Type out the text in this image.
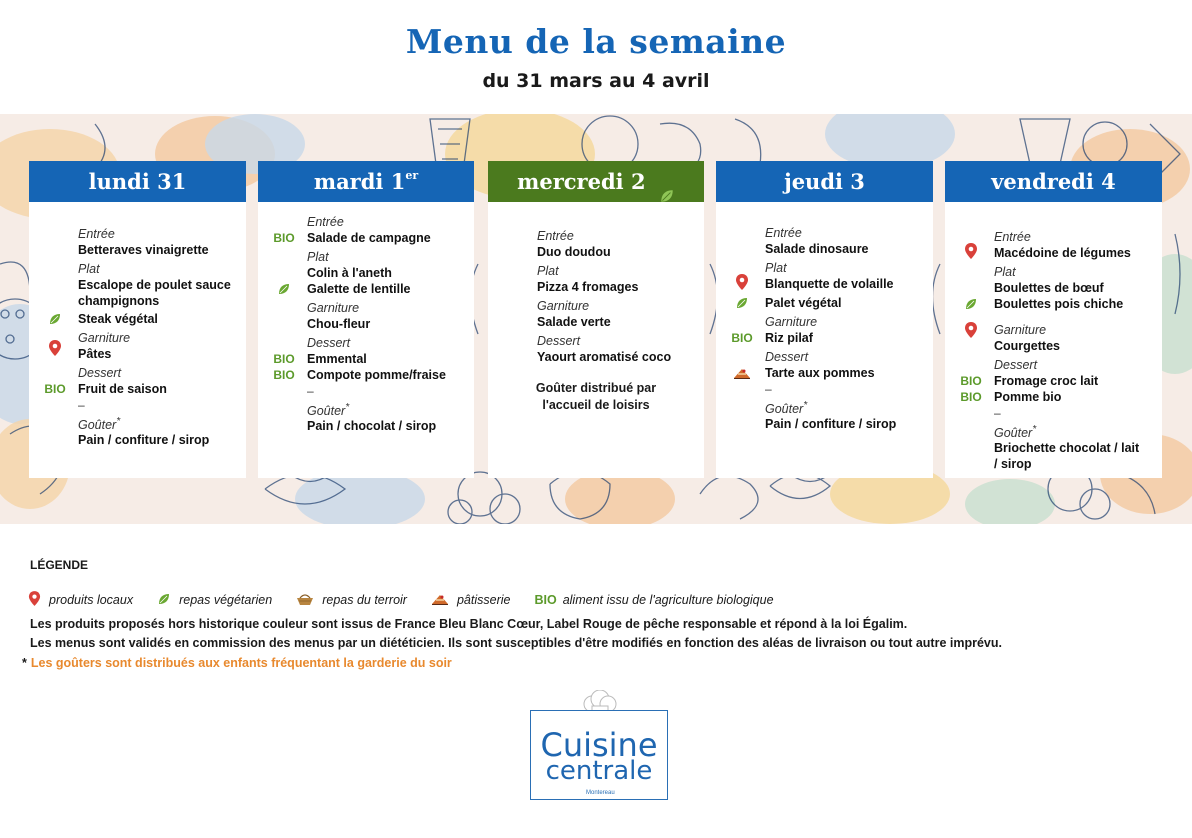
Menu de la semaine
du 31 mars au 4 avril
lundi 31
Entrée
Betteraves vinaigrette
Plat
Escalope de poulet sauce
champignons
Steak végétal
Garniture
Pâtes
Dessert
BIO Fruit de saison
–
Goûter*
Pain / confiture / sirop
mardi 1er
Entrée
BIO Salade de campagne
Plat
Colin à l'aneth
Galette de lentille
Garniture
Chou-fleur
Dessert
BIO Emmental
BIO Compote pomme/fraise
–
Goûter*
Pain / chocolat / sirop
mercredi 2
Entrée
Duo doudou
Plat
Pizza 4 fromages
Garniture
Salade verte
Dessert
Yaourt aromatisé coco
Goûter distribué par
l'accueil de loisirs
jeudi 3
Entrée
Salade dinosaure
Plat
Blanquette de volaille
Palet végétal
Garniture
BIO Riz pilaf
Dessert
Tarte aux pommes
–
Goûter*
Pain / confiture / sirop
vendredi 4
Entrée
Macédoine de légumes
Plat
Boulettes de bœuf
Boulettes pois chiche
Garniture
Courgettes
Dessert
BIO Fromage croc lait
BIO Pomme bio
–
Goûter*
Briochette chocolat / lait
/ sirop
LÉGENDE
produits locaux	repas végétarien	repas du terroir	pâtisserie BIO aliment issu de l'agriculture biologique
Les produits proposés hors historique couleur sont issus de France Bleu Blanc Cœur, Label Rouge de pêche responsable et répond à la loi Égalim.
Les menus sont validés en commission des menus par un diététicien. Ils sont susceptibles d'être modifiés en fonction des aléas de livraison ou tout autre imprévu.
* Les goûters sont distribués aux enfants fréquentant la garderie du soir
Cuisine
centrale
Montereau
